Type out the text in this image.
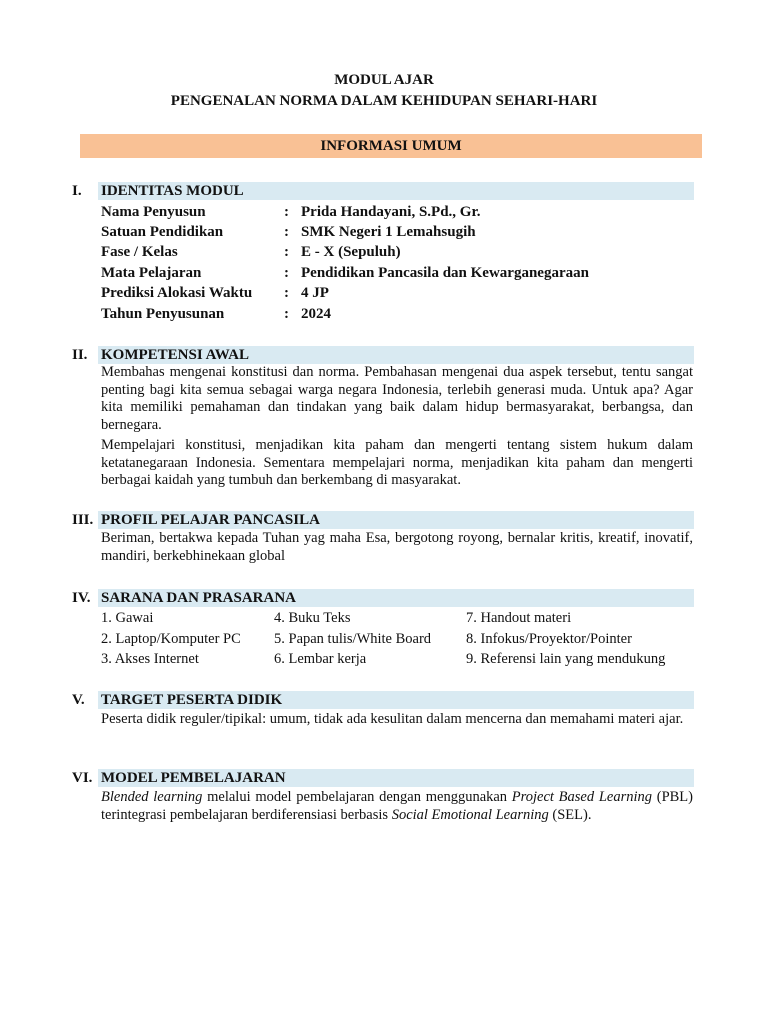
MODUL AJAR
PENGENALAN NORMA DALAM KEHIDUPAN SEHARI-HARI
INFORMASI UMUM
I. IDENTITAS MODUL
Nama Penyusun	: Prida Handayani, S.Pd., Gr.
Satuan Pendidikan	: SMK Negeri 1 Lemahsugih
Fase / Kelas	: E - X (Sepuluh)
Mata Pelajaran	: Pendidikan Pancasila dan Kewarganegaraan
Prediksi Alokasi Waktu	: 4 JP
Tahun Penyusunan	: 2024
II. KOMPETENSI AWAL

Membahas mengenai konstitusi dan norma. Pembahasan mengenai dua aspek tersebut, tentu sangat penting bagi kita semua sebagai warga negara Indonesia, terlebih generasi muda. Untuk apa? Agar kita memiliki pemahaman dan tindakan yang baik dalam hidup bermasyarakat, berbangsa, dan bernegara.

Mempelajari konstitusi, menjadikan kita paham dan mengerti tentang sistem hukum dalam ketatanegaraan Indonesia. Sementara mempelajari norma, menjadikan kita paham dan mengerti berbagai kaidah yang tumbuh dan berkembang di masyarakat.

III. PROFIL PELAJAR PANCASILA

Beriman, bertakwa kepada Tuhan yag maha Esa, bergotong royong, bernalar kritis, kreatif, inovatif, mandiri, berkebhinekaan global

IV. SARANA DAN PRASARANA
1. Gawai	4. Buku Teks	7. Handout materi
2. Laptop/Komputer PC 5. Papan tulis/White Board 8. Infokus/Proyektor/Pointer
3. Akses Internet	6. Lembar kerja	9. Referensi lain yang mendukung
V. TARGET PESERTA DIDIK

Peserta didik reguler/tipikal: umum, tidak ada kesulitan dalam mencerna dan memahami materi ajar.

VI. MODEL PEMBELAJARAN

Blended learning melalui model pembelajaran dengan menggunakan Project Based Learning (PBL) terintegrasi pembelajaran berdiferensiasi berbasis Social Emotional Learning (SEL).
